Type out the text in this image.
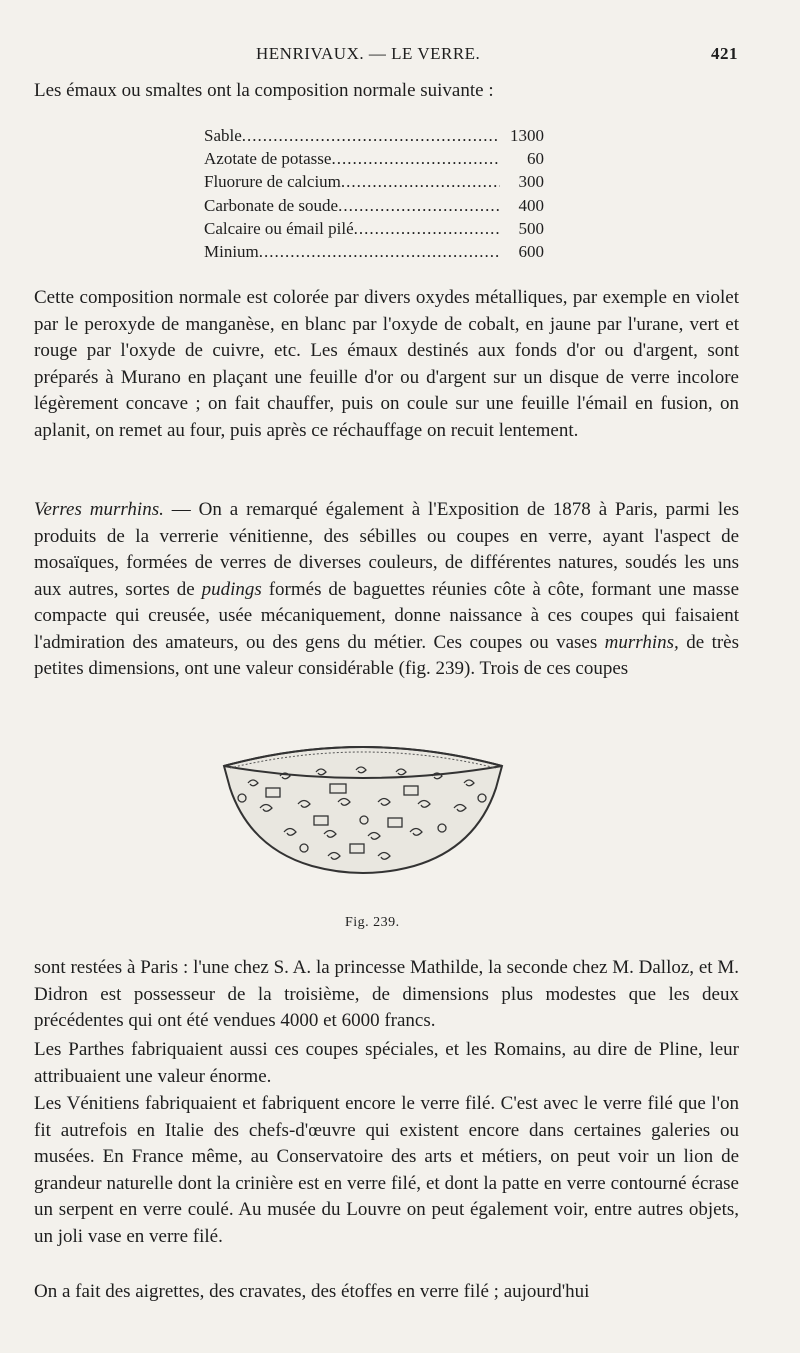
HENRIVAUX. — LE VERRE.	421

Les émaux ou smaltes ont la composition normale suivante :

Sable .....	1300
Azotate de potasse .....	60
Fluorure de calcium .....	300
Carbonate de soude .....	400
Calcaire ou émail pilé .....	500
Minium .....	600

Cette composition normale est colorée par divers oxydes métalliques, par exemple en violet par le peroxyde de manganèse, en blanc par l'oxyde de cobalt, en jaune par l'urane, vert et rouge par l'oxyde de cuivre, etc. Les émaux destinés aux fonds d'or ou d'argent, sont préparés à Murano en plaçant une feuille d'or ou d'argent sur un disque de verre incolore légèrement concave ; on fait chauffer, puis on coule sur une feuille l'émail en fusion, on aplanit, on remet au four, puis après ce réchauffage on recuit lentement.

Verres murrhins. — On a remarqué également à l'Exposition de 1878 à Paris, parmi les produits de la verrerie vénitienne, des sébilles ou coupes en verre, ayant l'aspect de mosaïques, formées de verres de diverses couleurs, de différentes natures, soudés les uns aux autres, sortes de pudings formés de baguettes réunies côte à côte, formant une masse compacte qui creusée, usée mécaniquement, donne naissance à ces coupes qui faisaient l'admiration des amateurs, ou des gens du métier. Ces coupes ou vases murrhins, de très petites dimensions, ont une valeur considérable (fig. 239). Trois de ces coupes

Fig. 239.

sont restées à Paris : l'une chez S. A. la princesse Mathilde, la seconde chez M. Dalloz, et M. Didron est possesseur de la troisième, de dimensions plus modestes que les deux précédentes qui ont été vendues 4000 et 6000 francs.

Les Parthes fabriquaient aussi ces coupes spéciales, et les Romains, au dire de Pline, leur attribuaient une valeur énorme.

Les Vénitiens fabriquaient et fabriquent encore le verre filé. C'est avec le verre filé que l'on fit autrefois en Italie des chefs-d'œuvre qui existent encore dans certaines galeries ou musées. En France même, au Conservatoire des arts et métiers, on peut voir un lion de grandeur naturelle dont la crinière est en verre filé, et dont la patte en verre contourné écrase un serpent en verre coulé. Au musée du Louvre on peut également voir, entre autres objets, un joli vase en verre filé.

On a fait des aigrettes, des cravates, des étoffes en verre filé ; aujourd'hui
